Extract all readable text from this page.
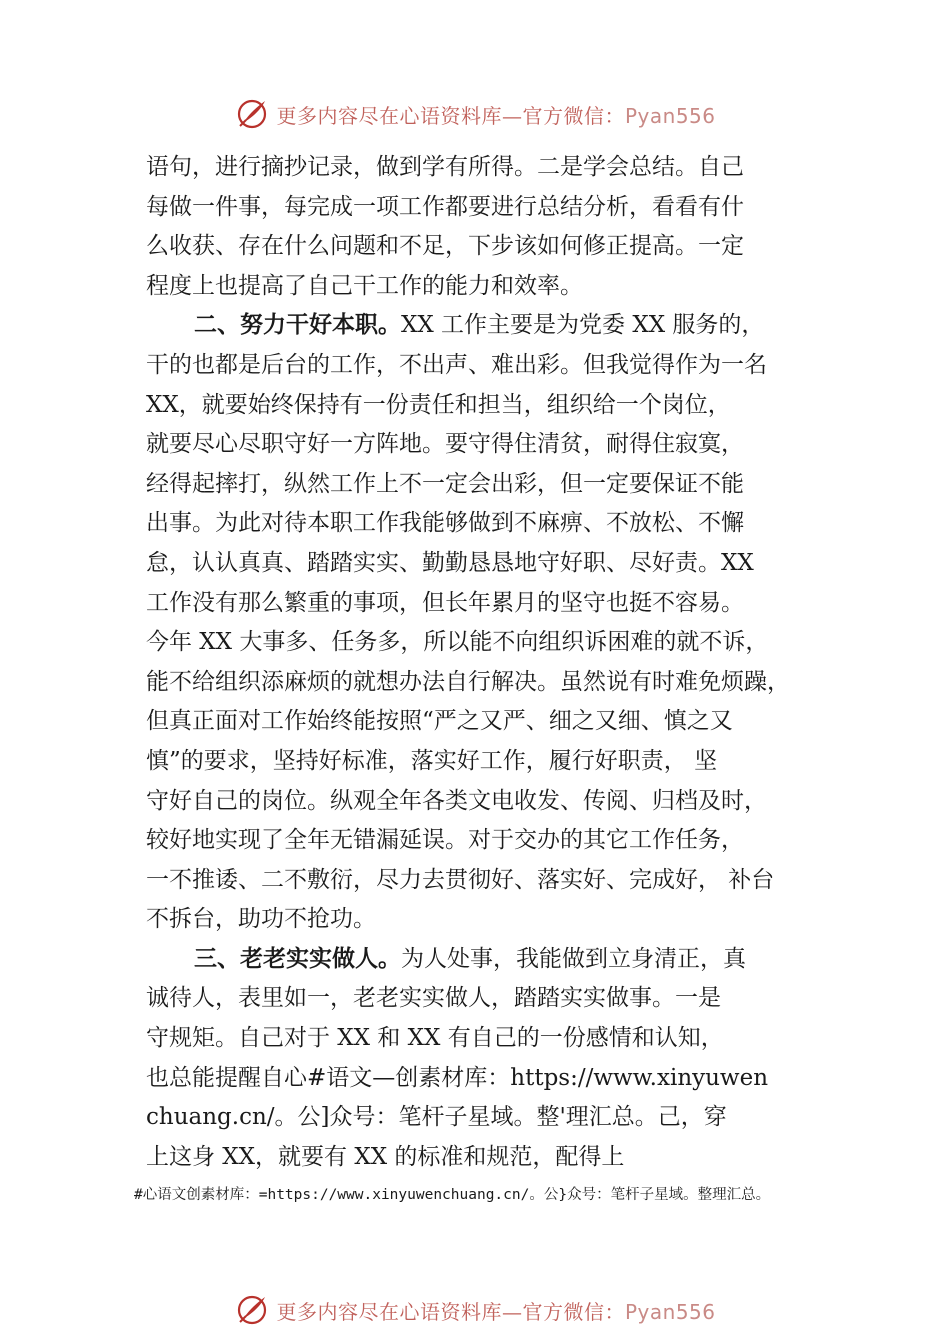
更多内容尽在心语资料库—官方微信：Pyan556
语句，进行摘抄记录，做到学有所得。二是学会总结。自己
每做一件事，每完成一项工作都要进行总结分析，看看有什
么收获、存在什么问题和不足，下步该如何修正提高。一定
程度上也提高了自己干工作的能力和效率。
二、努力干好本职。XX 工作主要是为党委 XX 服务的，
干的也都是后台的工作，不出声、难出彩。但我觉得作为一名
XX，就要始终保持有一份责任和担当，组织给一个岗位，
就要尽心尽职守好一方阵地。要守得住清贫，耐得住寂寞，
经得起摔打，纵然工作上不一定会出彩，但一定要保证不能
出事。为此对待本职工作我能够做到不麻痹、不放松、不懈
怠，认认真真、踏踏实实、勤勤恳恳地守好职、尽好责。XX
工作没有那么繁重的事项，但长年累月的坚守也挺不容易。
今年 XX 大事多、任务多，所以能不向组织诉困难的就不诉，
能不给组织添麻烦的就想办法自行解决。虽然说有时难免烦躁，
但真正面对工作始终能按照“严之又严、细之又细、慎之又
慎”的要求，坚持好标准，落实好工作，履行好职责， 坚
守好自己的岗位。纵观全年各类文电收发、传阅、归档及时，
较好地实现了全年无错漏延误。对于交办的其它工作任务，
一不推诿、二不敷衍，尽力去贯彻好、落实好、完成好， 补台
不拆台，助功不抢功。
三、老老实实做人。为人处事，我能做到立身清正，真
诚待人，表里如一，老老实实做人，踏踏实实做事。一是
守规矩。自己对于 XX 和 XX 有自己的一份感情和认知，
也总能提醒自心#语文—创素材库：https://www.xinyuwen
chuang.cn/。公]众号：笔杆子星域。整'理汇总。己，穿
上这身 XX，就要有 XX 的标准和规范，配得上
#心语文创素材库：=https://www.xinyuwenchuang.cn/。公}众号：笔杆子星域。整理汇总。
更多内容尽在心语资料库—官方微信：Pyan556
